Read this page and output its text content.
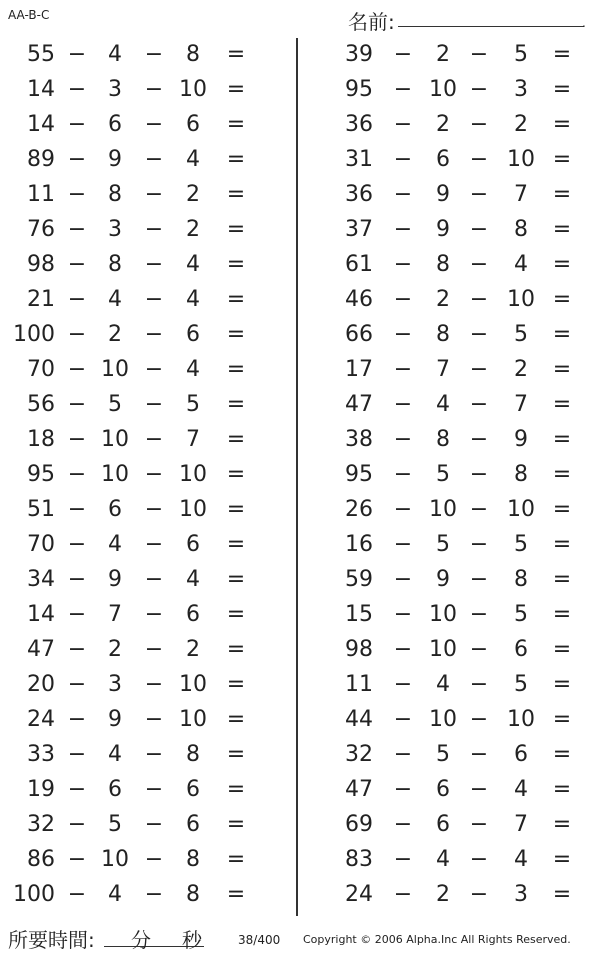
AA-B-C	名前:	.
55 − 4	−	8	=
14 − 3	− 10 =
14 − 6	−	6	=
89 − 9	−	4	=
11 − 8	−	2	=
76 − 3	−	2	=
98 − 8	−	4	=
21 − 4	−	4	=
100 − 2	−	6	=
70 − 10 −	4	=
56 − 5	−	5	=
18 − 10 −	7	=
95 − 10 − 10 =
51 − 6	− 10 =
70 − 4	−	6	=
34 − 9	−	4	=
14 − 7	−	6	=
47 − 2	−	2	=
20 − 3	− 10 =
24 − 9	− 10 =
33 − 4	−	8	=
19 − 6	−	6	=
32 − 5	−	6	=
86 − 10 −	8	=
100 − 4	−	8	=
39 −	2 −	5	=
95 − 10 −	3	=
36 −	2 −	2	=
31 −	6 − 10 =
36 −	9 −	7	=
37 −	9 −	8	=
61 −	8 −	4	=
46 −	2 − 10 =
66 −	8 −	5	=
17 −	7 −	2	=
47 −	4 −	7	=
38 −	8 −	9	=
95 −	5 −	8	=
26 − 10 − 10 =
16 −	5 −	5	=
59 −	9 −	8	=
15 − 10 −	5	=
98 − 10 −	6	=
11 −	4 −	5	=
44 − 10 − 10 =
32 −	5 −	6	=
47 −	6 −	4	=
69 −	6 −	7	=
83 −	4 −	4	=
24 −	2 −	3	=
所要時間: 分 秒	38/400 Copyright © 2006 Alpha.Inc All Rights Reserved.
